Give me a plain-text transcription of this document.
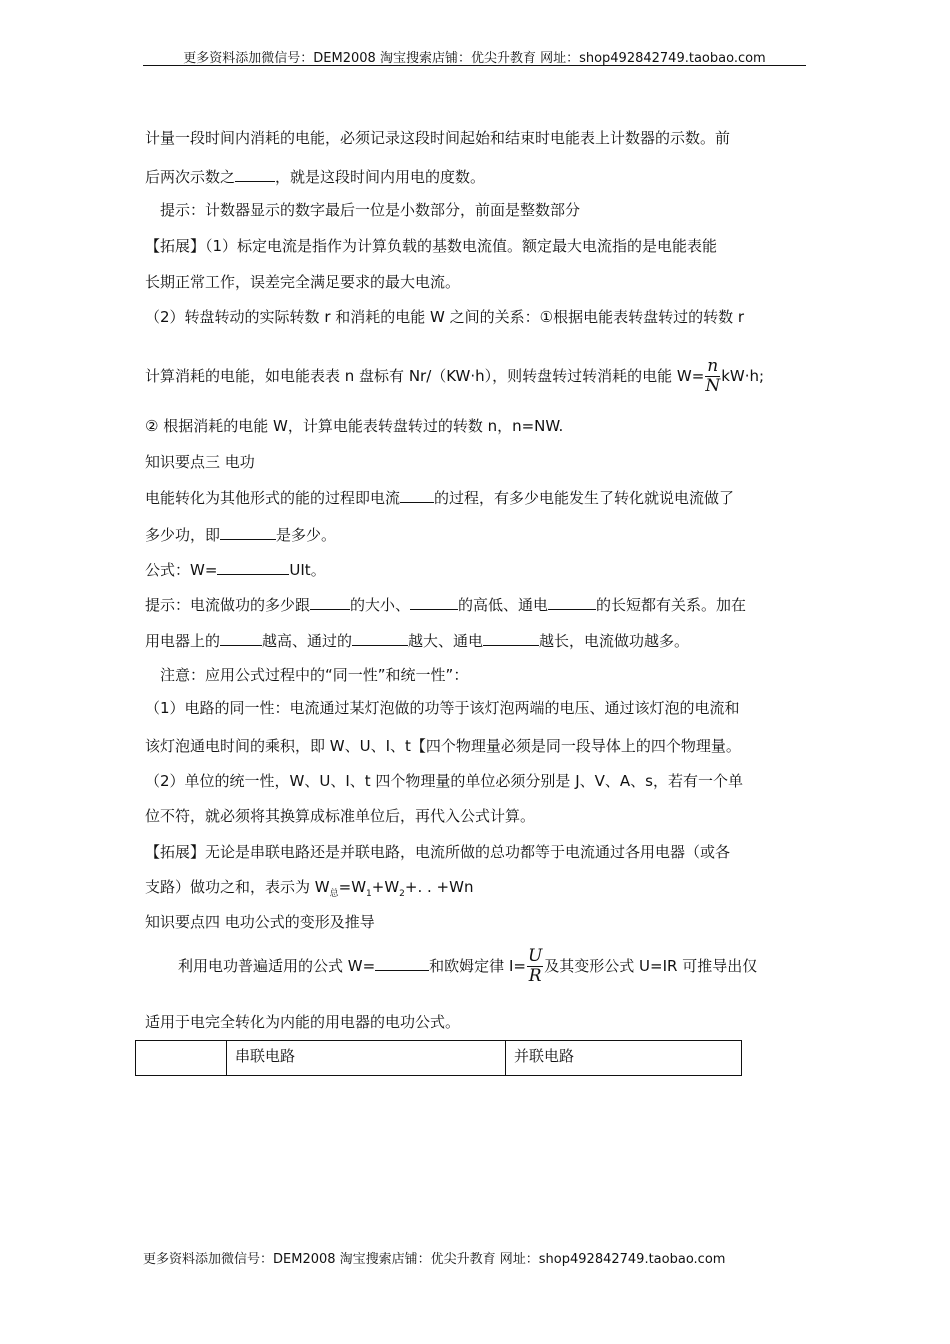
更多资料添加微信号：DEM2008 淘宝搜索店铺：优尖升教育 网址：shop492842749.taobao.com
计量一段时间内消耗的电能，必须记录这段时间起始和结束时电能表上计数器的示数。前
后两次示数之	，就是这段时间内用电的度数。
提示：计数器显示的数字最后一位是小数部分，前面是整数部分
【拓展】（1）标定电流是指作为计算负载的基数电流值。额定最大电流指的是电能表能
长期正常工作，误差完全满足要求的最大电流。
（2）转盘转动的实际转数 r 和消耗的电能 W 之间的关系：①根据电能表转盘转过的转数 r
计算消耗的电能，如电能表表 n 盘标有 Nr/（KW·h），则转盘转过转消耗的电能 $W= \frac{n}{N} kW\cdot h$;
② 根据消耗的电能 W，计算电能表转盘转过的转数 n，n=NW.
知识要点三 电功
电能转化为其他形式的能的过程即电流 的过程，有多少电能发生了转化就说电流做了
多少功，即	是多少。
公式：W=	UIt。
提示：电流做功的多少跟	的大小、	的高低、通电	的长短都有关系。加在
用电器上的	越高、通过的	越大、通电	越长，电流做功越多。
注意：应用公式过程中的“同一性”和统一性”：
（1）电路的同一性：电流通过某灯泡做的功等于该灯泡两端的电压、通过该灯泡的电流和
该灯泡通电时间的乘积，即 W、U、I、t【四个物理量必须是同一段导体上的四个物理量。
（2）单位的统一性，W、U、I、t 四个物理量的单位必须分别是 J、V、A、s，若有一个单
位不符，就必须将其换算成标准单位后，再代入公式计算。
【拓展】无论是串联电路还是并联电路，电流所做的总功都等于电流通过各用电器（或各
支路）做功之和，表示为 $W_总=W_1+W_2+$. . +Wn
知识要点四 电功公式的变形及推导
利用电功普遍适用的公式 W=	和欧姆定律 $I= \frac{U}{R}$ 及其变形公式 U=IR 可推导出仅
适用于电完全转化为内能的用电器的电功公式。
	串联电路	并联电路
更多资料添加微信号：DEM2008 淘宝搜索店铺：优尖升教育 网址：shop492842749.taobao.com
